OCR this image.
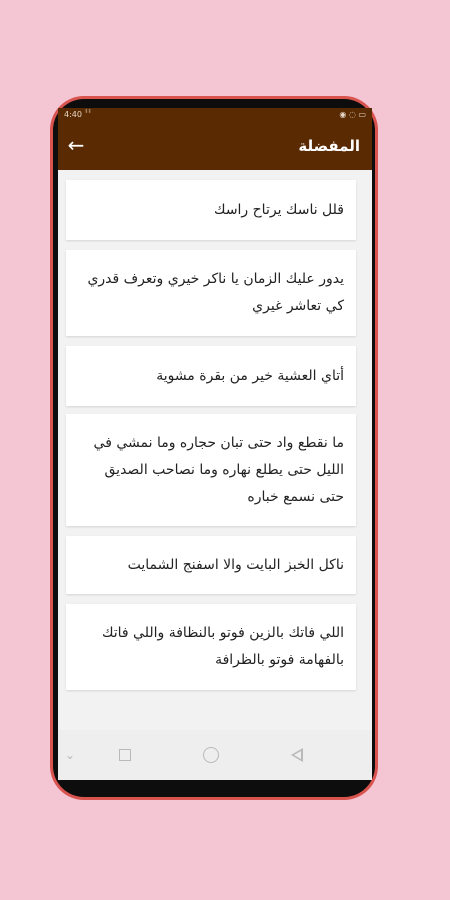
4:40	◉ ◌ ▭
←	المفضلة
قلل ناسك يرتاح راسك
يدور عليك الزمان يا ناكر خيري وتعرف قدري كي تعاشر غيري
أتاي العشية خير من بقرة مشوية
ما نقطع واد حتى تبان حجاره وما نمشي في الليل حتى يطلع نهاره وما نصاحب الصديق حتى نسمع خباره
ناكل الخبز البايت والا اسفنج الشمايت
اللي فاتك بالزين فوتو بالنظافة واللي فاتك بالفهامة فوتو بالظرافة
⌄
